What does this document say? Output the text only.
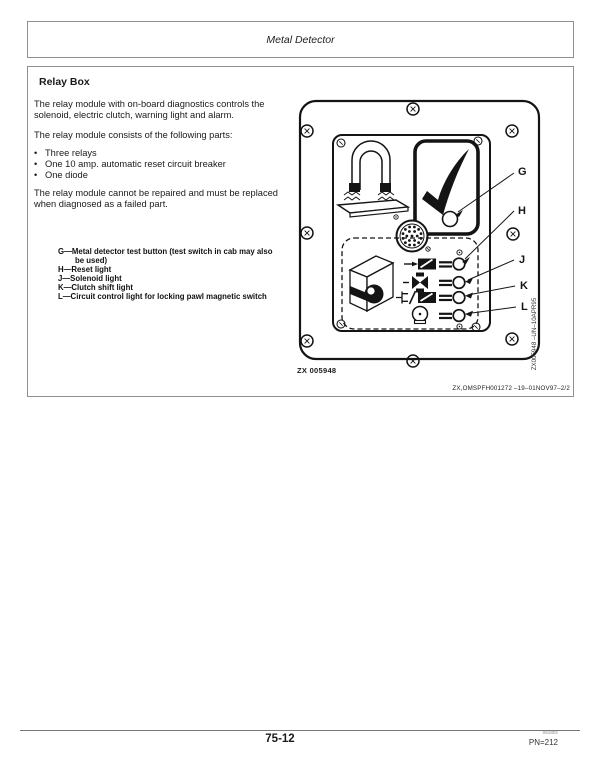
Metal Detector
Relay Box
The relay module with on-board diagnostics controls the solenoid, electric clutch, warning light and alarm.
The relay module consists of the following parts:
• Three relays
• One 10 amp. automatic reset circuit breaker
• One diode
The relay module cannot be repaired and must be replaced when diagnosed as a failed part.
G—Metal detector test button (test switch in cab may also be used)
H—Reset light
J—Solenoid light
K—Clutch shift light
L—Circuit control light for locking pawl magnetic switch
G
H
J
K
L ZX005948 –UN–10APR95
ZX 005948
ZX,OMSPFH001272 –19–01NOV97–2/2
75-12
081802
PN=212
